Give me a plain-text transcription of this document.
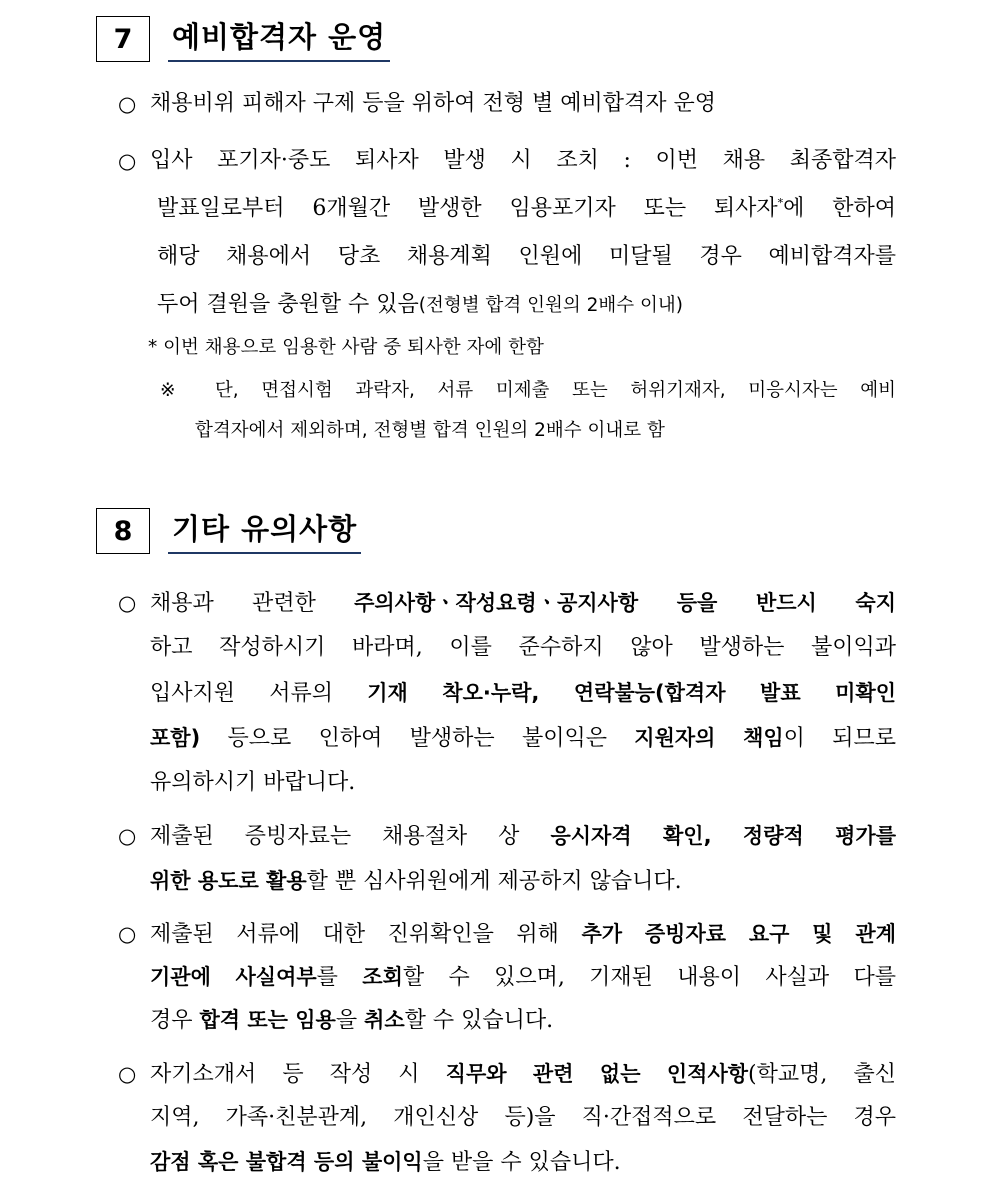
7	예비합격자 운영
○ 채용비위 피해자 구제 등을 위하여 전형 별 예비합격자 운영
○ 입사 포기자·중도 퇴사자 발생 시 조치 : 이번 채용 최종합격자
발표일로부터 6개월간 발생한 임용포기자 또는 퇴사자*에 한하여
해당 채용에서 당초 채용계획 인원에 미달될 경우 예비합격자를
두어 결원을 충원할 수 있음(전형별 합격 인원의 2배수 이내)
* 이번 채용으로 임용한 사람 중 퇴사한 자에 한함
※ 단, 면접시험 과락자, 서류 미제출 또는 허위기재자, 미응시자는 예비
합격자에서 제외하며, 전형별 합격 인원의 2배수 이내로 함
8	기타 유의사항
○ 채용과 관련한 주의사항ㆍ작성요령ㆍ공지사항 등을 반드시 숙지
하고 작성하시기 바라며, 이를 준수하지 않아 발생하는 불이익과
입사지원 서류의 기재 착오·누락, 연락불능(합격자 발표 미확인
포함) 등으로 인하여 발생하는 불이익은 지원자의 책임이 되므로
유의하시기 바랍니다.
○ 제출된 증빙자료는 채용절차 상 응시자격 확인, 정량적 평가를
위한 용도로 활용할 뿐 심사위원에게 제공하지 않습니다.
○ 제출된 서류에 대한 진위확인을 위해 추가 증빙자료 요구 및 관계
기관에 사실여부를 조회할 수 있으며, 기재된 내용이 사실과 다를
경우 합격 또는 임용을 취소할 수 있습니다.
○ 자기소개서 등 작성 시 직무와 관련 없는 인적사항(학교명, 출신
지역, 가족·친분관계, 개인신상 등)을 직·간접적으로 전달하는 경우
감점 혹은 불합격 등의 불이익을 받을 수 있습니다.
